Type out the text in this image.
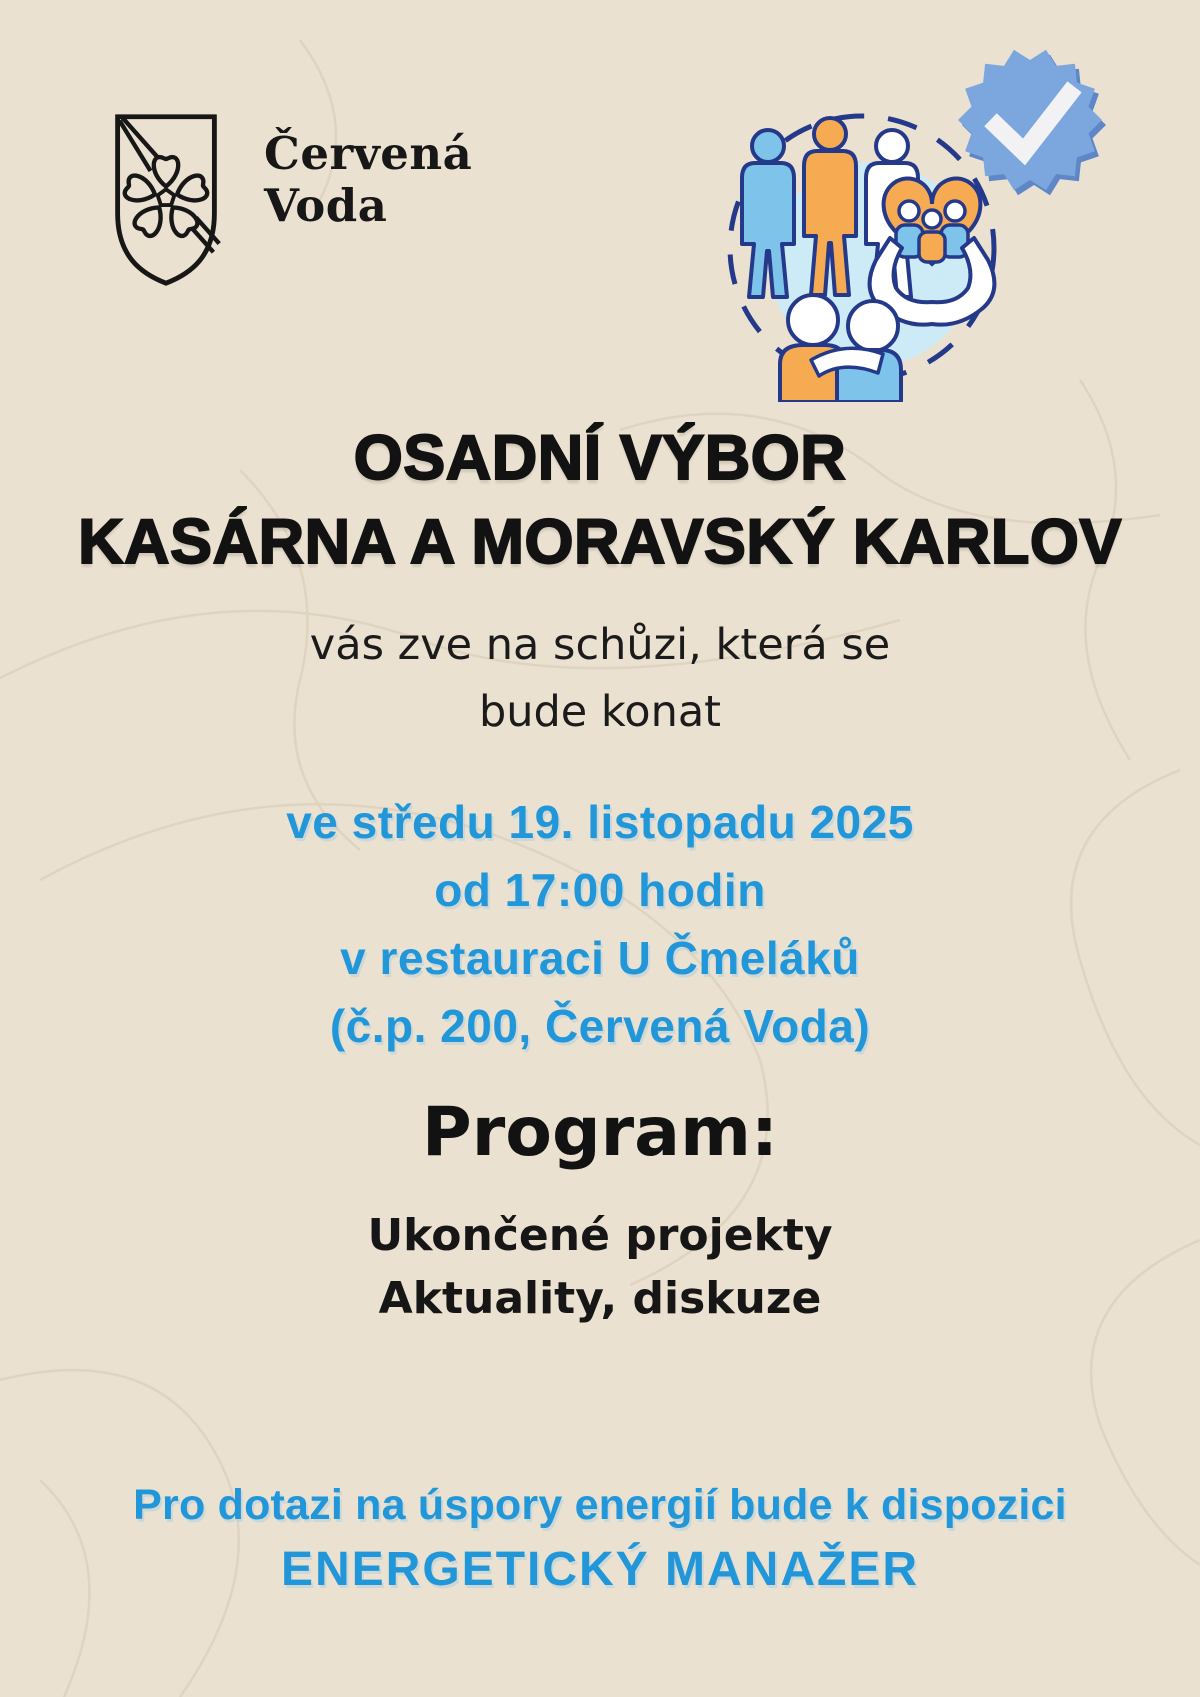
Červená
Voda
OSADNÍ VÝBOR
KASÁRNA A MORAVSKÝ KARLOV
vás zve na schůzi, která se
bude konat
ve středu 19. listopadu 2025
od 17:00 hodin
v restauraci U Čmeláků
(č.p. 200, Červená Voda)
Program:
Ukončené projekty
Aktuality, diskuze
Pro dotazi na úspory energií bude k dispozici
ENERGETICKÝ MANAŽER
